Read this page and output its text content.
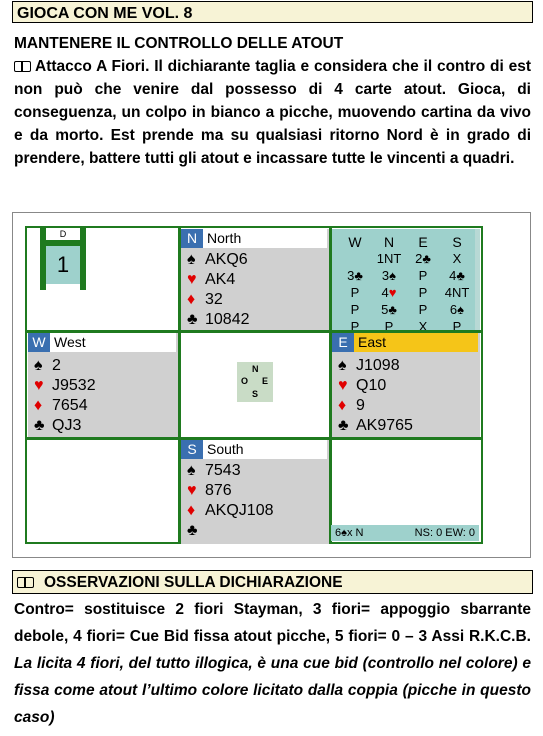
GIOCA CON ME VOL. 8
MANTENERE IL CONTROLLO DELLE ATOUT
Attacco A Fiori. Il dichiarante taglia e considera che il contro di est non può che venire dal possesso di 4 carte atout. Gioca, di conseguenza, un colpo in bianco a picche, muovendo cartina da vivo e da morto. Est prende ma su qualsiasi ritorno Nord è in grado di prendere, battere tutti gli atout e incassare tutte le vincenti a quadri.
D
1
N North
♠ AKQ6
♥ AK4
♦ 32
♣ 10842
W	N	E	S
	1NT	2♣	X
3♣	3♠	P	4♣
P	4♥	P	4NT
P	5♣	P	6♠
P	P	X	P
W West
♠ 2
♥ J9532
♦ 7654
♣ QJ3
N
O E
S
E East
♠ J1098
♥ Q10
♦ 9
♣ AK9765
S South
♠ 7543
♥ 876
♦ AKQJ108
♣	6♠x N	NS: 0 EW: 0
OSSERVAZIONI SULLA DICHIARAZIONE
Contro= sostituisce 2 fiori Stayman, 3 fiori= appoggio sbarrante debole, 4 fiori= Cue Bid fissa atout picche, 5 fiori= 0 – 3 Assi R.K.C.B. La licita 4 fiori, del tutto illogica, è una cue bid (controllo nel colore) e fissa come atout l’ultimo colore licitato dalla coppia (picche in questo caso)
